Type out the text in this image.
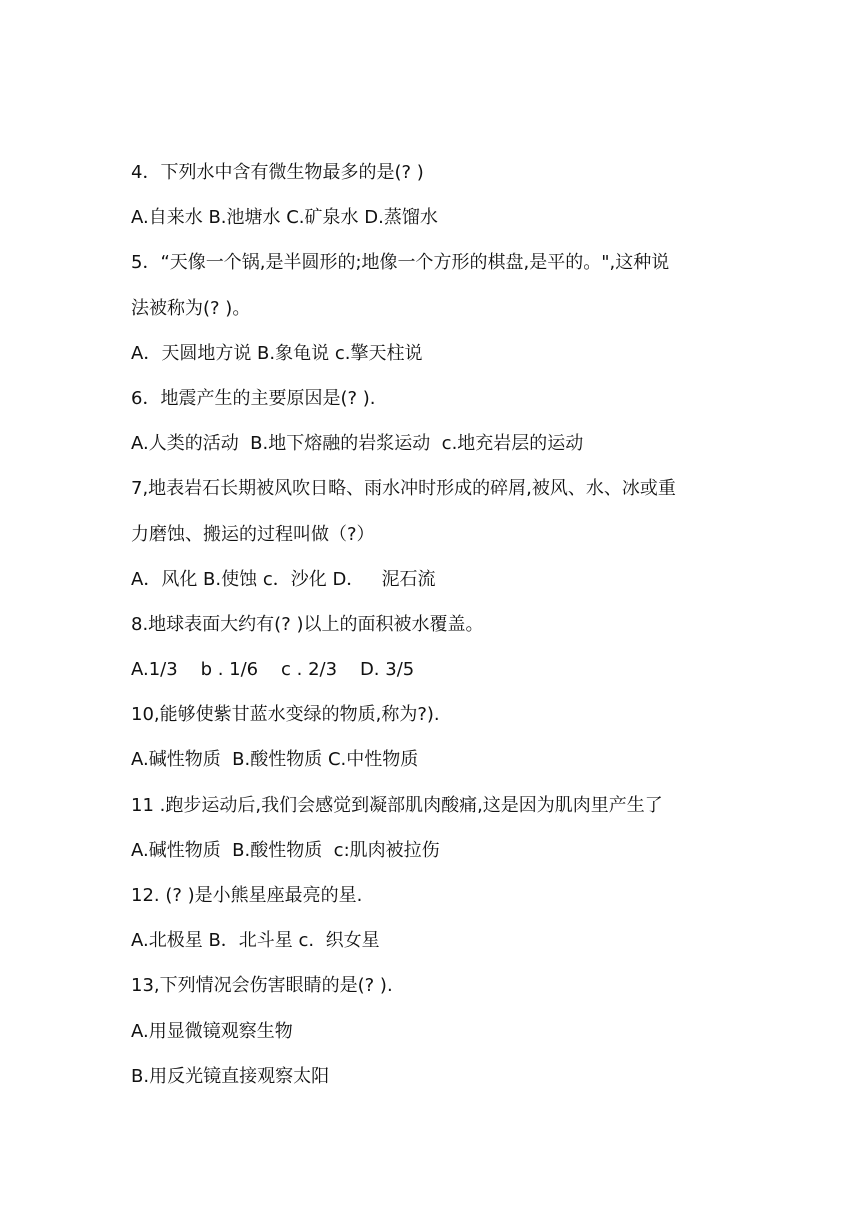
4．下列水中含有微生物最多的是(? )
A.自来水 B.池塘水 C.矿泉水 D.蒸馏水
5．“天像一个锅,是半圆形的;地像一个方形的棋盘,是平的。",这种说
法被称为(? )。
A．天圆地方说 B.象龟说 c.擎天柱说
6．地震产生的主要原因是(? ).
A.人类的活动  B.地下熔融的岩浆运动  c.地充岩层的运动
7,地表岩石长期被风吹日略、雨水冲时形成的碎屑,被风、水、冰或重
力磨蚀、搬运的过程叫做（?）
A．风化 B.使蚀 c．沙化 D．   泥石流
8.地球表面大约有(? )以上的面积被水覆盖。
A.1/3    b . 1/6    c . 2/3    D. 3/5
10,能够使紫甘蓝水变绿的物质,称为?).
A.碱性物质  B.酸性物质 C.中性物质
11 .跑步运动后,我们会感觉到凝部肌肉酸痛,这是因为肌肉里产生了
A.碱性物质  B.酸性物质  c:肌肉被拉伤
12. (? )是小熊星座最亮的星.
A.北极星 B．北斗星 c.  织女星
13,下列情况会伤害眼睛的是(? ).
A.用显微镜观察生物
B.用反光镜直接观察太阳
